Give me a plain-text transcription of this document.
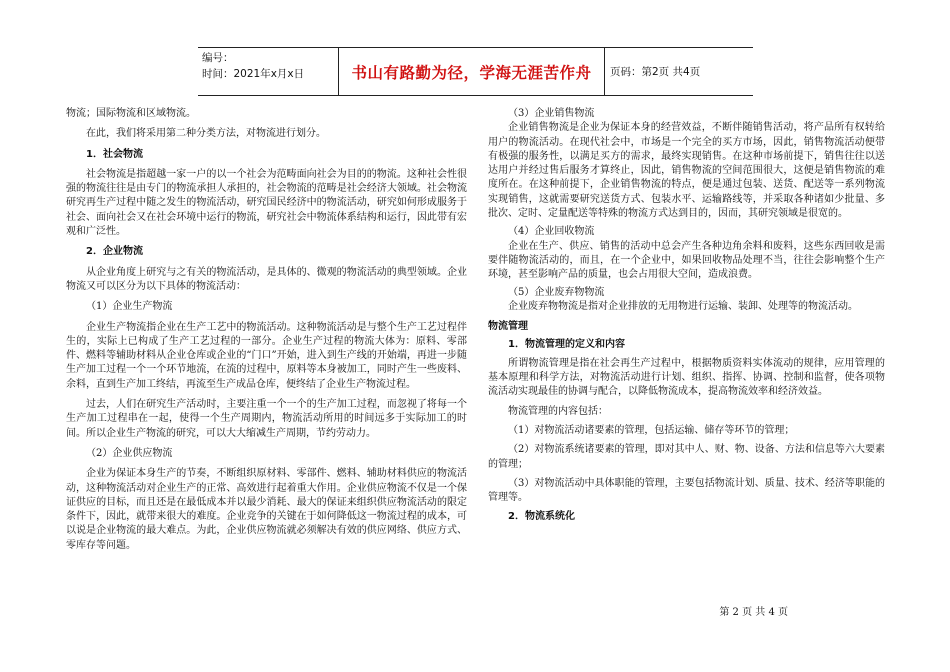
编号：
时间：2021年x月x日	书山有路勤为径，学海无涯苦作舟 页码：第2页 共4页

物流；国际物流和区域物流。

在此，我们将采用第二种分类方法，对物流进行划分。

1．社会物流

社会物流是指超越一家一户的以一个社会为范畴面向社会为目的的物流。这种社会性很强的物流往往是由专门的物流承担人承担的，社会物流的范畴是社会经济大领域。社会物流研究再生产过程中随之发生的物流活动，研究国民经济中的物流活动，研究如何形成服务于社会、面向社会又在社会环境中运行的物流，研究社会中物流体系结构和运行，因此带有宏观和广泛性。

2．企业物流

从企业角度上研究与之有关的物流活动，是具体的、微观的物流活动的典型领域。企业物流又可以区分为以下具体的物流活动：

（1）企业生产物流

企业生产物流指企业在生产工艺中的物流活动。这种物流活动是与整个生产工艺过程伴生的，实际上已构成了生产工艺过程的一部分。企业生产过程的物流大体为：原料、零部件、燃料等辅助材料从企业仓库或企业的“门口”开始，进入到生产线的开始端，再进一步随生产加工过程一个一个环节地流，在流的过程中，原料等本身被加工，同时产生一些废料、余料，直到生产加工终结，再流至生产成品仓库，便终结了企业生产物流过程。

过去，人们在研究生产活动时，主要注重一个一个的生产加工过程，而忽视了将每一个生产加工过程串在一起，使得一个生产周期内，物流活动所用的时间远多于实际加工的时间。所以企业生产物流的研究，可以大大缩减生产周期，节约劳动力。

（2）企业供应物流

企业为保证本身生产的节奏，不断组织原材料、零部件、燃料、辅助材料供应的物流活动，这种物流活动对企业生产的正常、高效进行起着重大作用。企业供应物流不仅是一个保证供应的目标，而且还是在最低成本并以最少消耗、最大的保证来组织供应物流活动的限定条件下，因此，就带来很大的难度。企业竞争的关键在于如何降低这一物流过程的成本，可以说是企业物流的最大难点。为此，企业供应物流就必须解决有效的供应网络、供应方式、零库存等问题。

（3）企业销售物流

企业销售物流是企业为保证本身的经营效益，不断伴随销售活动，将产品所有权转给用户的物流活动。在现代社会中，市场是一个完全的买方市场，因此，销售物流活动便带有极强的服务性，以满足买方的需求，最终实现销售。在这种市场前提下，销售往往以送达用户并经过售后服务才算终止，因此，销售物流的空间范围很大，这便是销售物流的难度所在。在这种前提下，企业销售物流的特点，便是通过包装、送货、配送等一系列物流实现销售，这就需要研究送货方式、包装水平、运输路线等，并采取各种诸如少批量、多批次、定时、定量配送等特殊的物流方式达到目的，因而，其研究领域是很宽的。

（4）企业回收物流

企业在生产、供应、销售的活动中总会产生各种边角余料和废料，这些东西回收是需要伴随物流活动的，而且，在一个企业中，如果回收物品处理不当，往往会影响整个生产环境，甚至影响产品的质量，也会占用很大空间，造成浪费。

（5）企业废弃物物流

企业废弃物物流是指对企业排放的无用物进行运输、装卸、处理等的物流活动。

物流管理

1．物流管理的定义和内容

所谓物流管理是指在社会再生产过程中，根据物质资料实体流动的规律，应用管理的基本原理和科学方法，对物流活动进行计划、组织、指挥、协调、控制和监督，使各项物流活动实现最佳的协调与配合，以降低物流成本，提高物流效率和经济效益。

物流管理的内容包括：

（1）对物流活动诸要素的管理，包括运输、储存等环节的管理；

（2）对物流系统诸要素的管理，即对其中人、财、物、设备、方法和信息等六大要素的管理；

（3）对物流活动中具体职能的管理，主要包括物流计划、质量、技术、经济等职能的管理等。

2．物流系统化

第 2 页 共 4 页
